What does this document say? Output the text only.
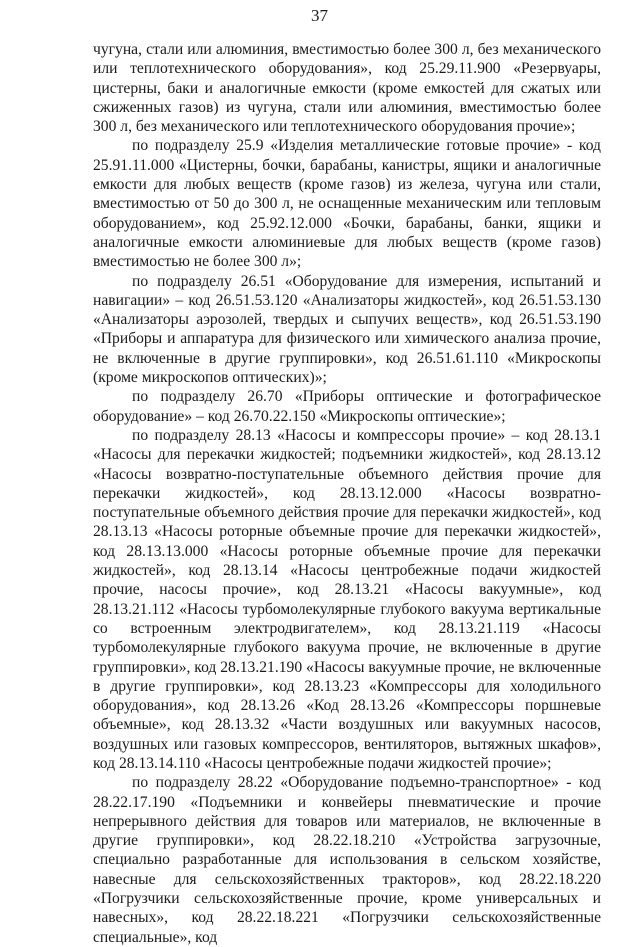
37

чугуна, стали или алюминия, вместимостью более 300 л, без механического или теплотехнического оборудования», код 25.29.11.900 «Резервуары, цистерны, баки и аналогичные емкости (кроме емкостей для сжатых или сжиженных газов) из чугуна, стали или алюминия, вместимостью более 300 л, без механического или теплотехнического оборудования прочие»;

по подразделу 25.9 «Изделия металлические готовые прочие» - код 25.91.11.000 «Цистерны, бочки, барабаны, канистры, ящики и аналогичные емкости для любых веществ (кроме газов) из железа, чугуна или стали, вместимостью от 50 до 300 л, не оснащенные механическим или тепловым оборудованием», код 25.92.12.000 «Бочки, барабаны, банки, ящики и аналогичные емкости алюминиевые для любых веществ (кроме газов) вместимостью не более 300 л»;

по подразделу 26.51 «Оборудование для измерения, испытаний и навигации» – код 26.51.53.120 «Анализаторы жидкостей», код 26.51.53.130 «Анализаторы аэрозолей, твердых и сыпучих веществ», код 26.51.53.190 «Приборы и аппаратура для физического или химического анализа прочие, не включенные в другие группировки», код 26.51.61.110 «Микроскопы (кроме микроскопов оптических)»;

по подразделу 26.70 «Приборы оптические и фотографическое оборудование» – код 26.70.22.150 «Микроскопы оптические»;

по подразделу 28.13 «Насосы и компрессоры прочие» – код 28.13.1 «Насосы для перекачки жидкостей; подъемники жидкостей», код 28.13.12 «Насосы возвратно-поступательные объемного действия прочие для перекачки жидкостей», код 28.13.12.000 «Насосы возвратно-поступательные объемного действия прочие для перекачки жидкостей», код 28.13.13 «Насосы роторные объемные прочие для перекачки жидкостей», код 28.13.13.000 «Насосы роторные объемные прочие для перекачки жидкостей», код 28.13.14 «Насосы центробежные подачи жидкостей прочие, насосы прочие», код 28.13.21 «Насосы вакуумные», код 28.13.21.112 «Насосы турбомолекулярные глубокого вакуума вертикальные со встроенным электродвигателем», код 28.13.21.119 «Насосы турбомолекулярные глубокого вакуума прочие, не включенные в другие группировки», код 28.13.21.190 «Насосы вакуумные прочие, не включенные в другие группировки», код 28.13.23 «Компрессоры для холодильного оборудования», код 28.13.26 «Код 28.13.26 «Компрессоры поршневые объемные», код 28.13.32 «Части воздушных или вакуумных насосов, воздушных или газовых компрессоров, вентиляторов, вытяжных шкафов», код 28.13.14.110 «Насосы центробежные подачи жидкостей прочие»;

по подразделу 28.22 «Оборудование подъемно-транспортное» - код 28.22.17.190 «Подъемники и конвейеры пневматические и прочие непрерывного действия для товаров или материалов, не включенные в другие группировки», код 28.22.18.210 «Устройства загрузочные, специально разработанные для использования в сельском хозяйстве, навесные для сельскохозяйственных тракторов», код 28.22.18.220 «Погрузчики сельскохозяйственные прочие, кроме универсальных и навесных», код 28.22.18.221 «Погрузчики сельскохозяйственные специальные», код
